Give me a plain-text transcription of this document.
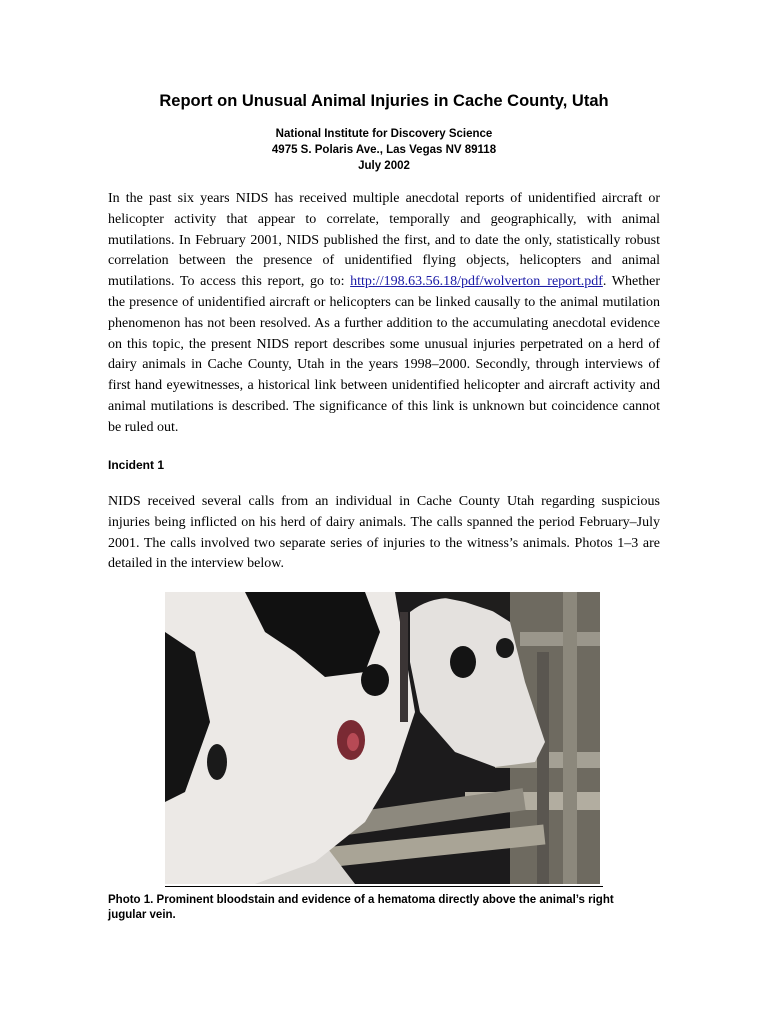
Report on Unusual Animal Injuries in Cache County, Utah
National Institute for Discovery Science
4975 S. Polaris Ave., Las Vegas NV 89118
July 2002
In the past six years NIDS has received multiple anecdotal reports of unidentified aircraft or helicopter activity that appear to correlate, temporally and geographically, with animal mutilations. In February 2001, NIDS published the first, and to date the only, statistically robust correlation between the presence of unidentified flying objects, helicopters and animal mutilations. To access this report, go to: http://198.63.56.18/pdf/wolverton_report.pdf. Whether the presence of unidentified aircraft or helicopters can be linked causally to the animal mutilation phenomenon has not been resolved. As a further addition to the accumulating anecdotal evidence on this topic, the present NIDS report describes some unusual injuries perpetrated on a herd of dairy animals in Cache County, Utah in the years 1998–2000. Secondly, through interviews of first hand eyewitnesses, a historical link between unidentified helicopter and aircraft activity and animal mutilations is described. The significance of this link is unknown but coincidence cannot be ruled out.
Incident 1
NIDS received several calls from an individual in Cache County Utah regarding suspicious injuries being inflicted on his herd of dairy animals. The calls spanned the period February–July 2001. The calls involved two separate series of injuries to the witness’s animals. Photos 1–3 are detailed in the interview below.
Photo 1. Prominent bloodstain and evidence of a hematoma directly above the animal’s right jugular vein.
